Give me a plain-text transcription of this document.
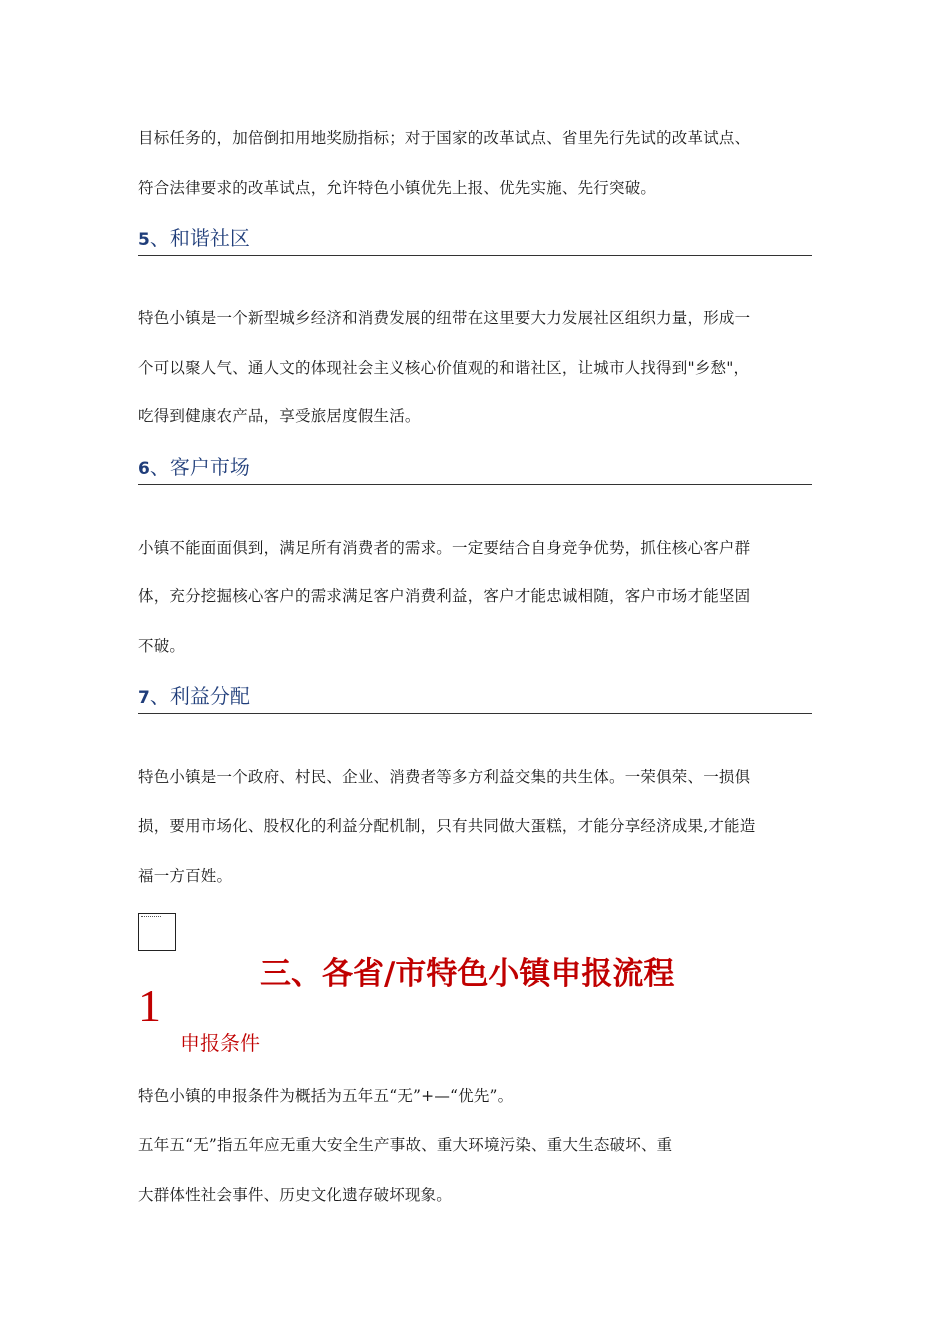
目标任务的，加倍倒扣用地奖励指标；对于国家的改革试点、省里先行先试的改革试点、
符合法律要求的改革试点，允许特色小镇优先上报、优先实施、先行突破。
5、和谐社区
特色小镇是一个新型城乡经济和消费发展的纽带在这里要大力发展社区组织力量，形成一
个可以聚人气、通人文的体现社会主义核心价值观的和谐社区，让城市人找得到"乡愁"，
吃得到健康农产品，享受旅居度假生活。
6、客户市场
小镇不能面面俱到，满足所有消费者的需求。一定要结合自身竞争优势，抓住核心客户群
体，充分挖掘核心客户的需求满足客户消费利益，客户才能忠诚相随，客户市场才能坚固
不破。
7、利益分配
特色小镇是一个政府、村民、企业、消费者等多方利益交集的共生体。一荣俱荣、一损俱
损，要用市场化、股权化的利益分配机制，只有共同做大蛋糕，才能分享经济成果,才能造
福一方百姓。
三、各省/市特色小镇申报流程
1
申报条件
特色小镇的申报条件为概括为五年五“无”+—“优先”。
五年五“无”指五年应无重大安全生产事故、重大环境污染、重大生态破坏、重
大群体性社会事件、历史文化遗存破坏现象。
